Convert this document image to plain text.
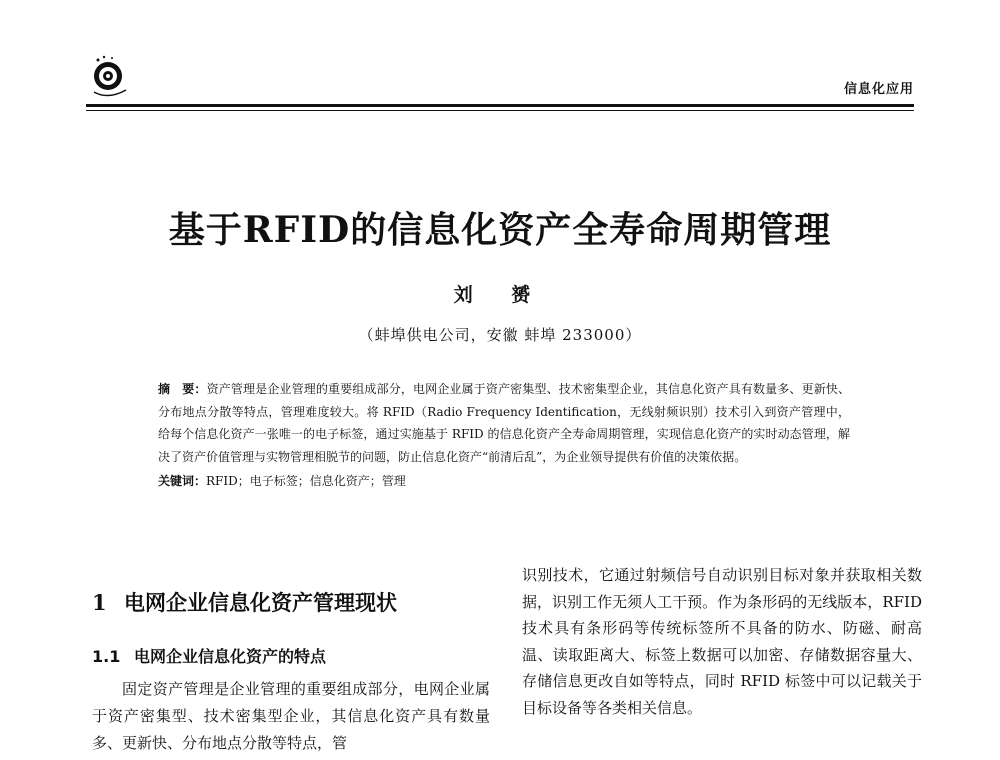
信息化应用
基于RFID的信息化资产全寿命周期管理
刘 赟
（蚌埠供电公司，安徽 蚌埠 233000）
摘　要：资产管理是企业管理的重要组成部分，电网企业属于资产密集型、技术密集型企业，其信息化资产具有数量多、更新快、分布地点分散等特点，管理难度较大。将 RFID（Radio Frequency Identification，无线射频识别）技术引入到资产管理中，给每个信息化资产一张唯一的电子标签，通过实施基于 RFID 的信息化资产全寿命周期管理，实现信息化资产的实时动态管理，解决了资产价值管理与实物管理相脱节的问题，防止信息化资产“前清后乱”，为企业领导提供有价值的决策依据。
关键词：RFID；电子标签；信息化资产；管理
1 电网企业信息化资产管理现状
1.1 电网企业信息化资产的特点

固定资产管理是企业管理的重要组成部分，电网企业属于资产密集型、技术密集型企业，其信息化资产具有数量多、更新快、分布地点分散等特点，管

识别技术，它通过射频信号自动识别目标对象并获取相关数据，识别工作无须人工干预。作为条形码的无线版本，RFID 技术具有条形码等传统标签所不具备的防水、防磁、耐高温、读取距离大、标签上数据可以加密、存储数据容量大、存储信息更改自如等特点，同时 RFID 标签中可以记载关于目标设备等各类相关信息。
